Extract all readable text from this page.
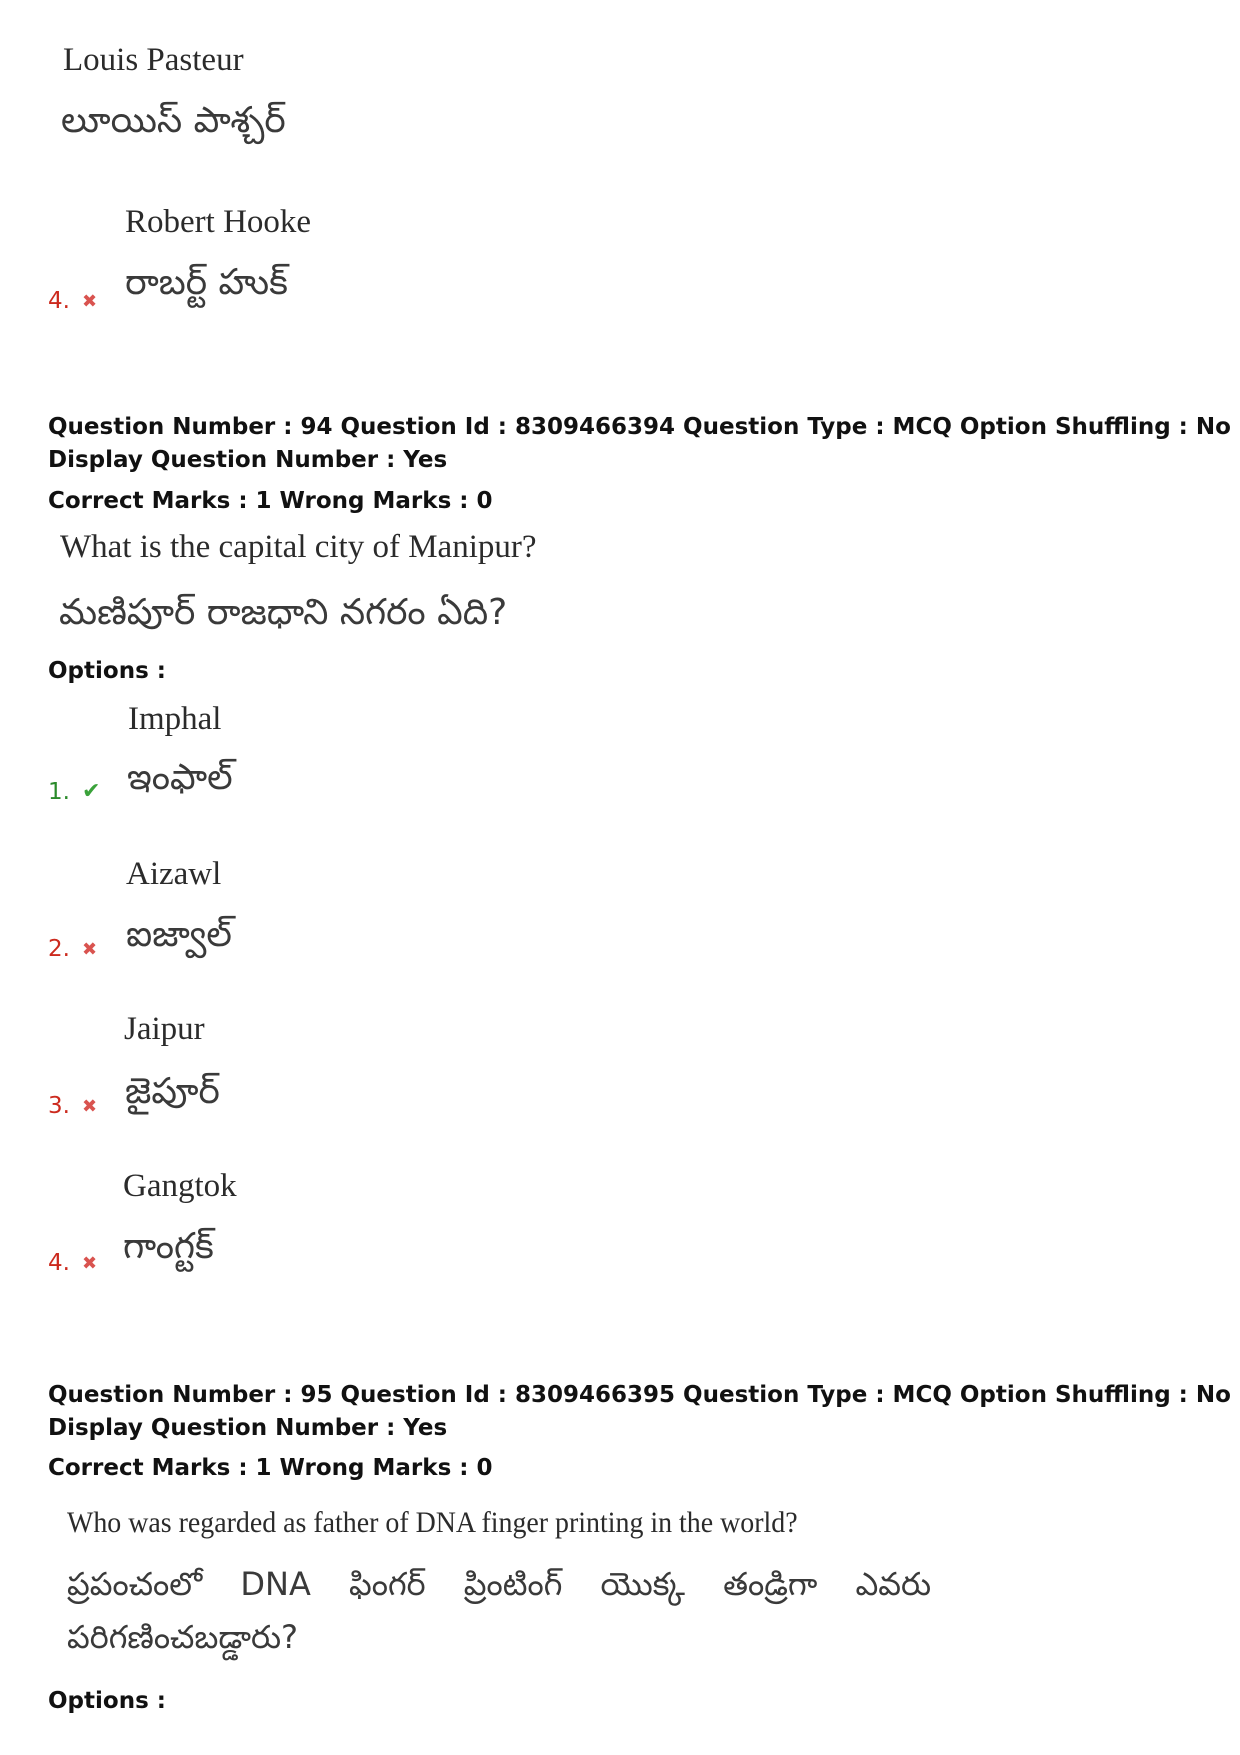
Louis Pasteur
లూయిస్ పాశ్చర్
Robert Hooke
4. ✖ రాబర్ట్ హుక్
Question Number : 94 Question Id : 8309466394 Question Type : MCQ Option Shuffling : No
Display Question Number : Yes
Correct Marks : 1 Wrong Marks : 0
What is the capital city of Manipur?
మణిపూర్ రాజధాని నగరం ఏది?
Options :
Imphal
1. ✔ ఇంఫాల్
Aizawl
2. ✖ ఐజ్వాల్
Jaipur
3. ✖ జైపూర్
Gangtok
4. ✖ గాంగ్టక్
Question Number : 95 Question Id : 8309466395 Question Type : MCQ Option Shuffling : No
Display Question Number : Yes
Correct Marks : 1 Wrong Marks : 0
Who was regarded as father of DNA finger printing in the world?
ప్రపంచంలో DNA ఫింగర్ ప్రింటింగ్ యొక్క తండ్రిగా ఎవరు
పరిగణించబడ్డారు?
Options :
